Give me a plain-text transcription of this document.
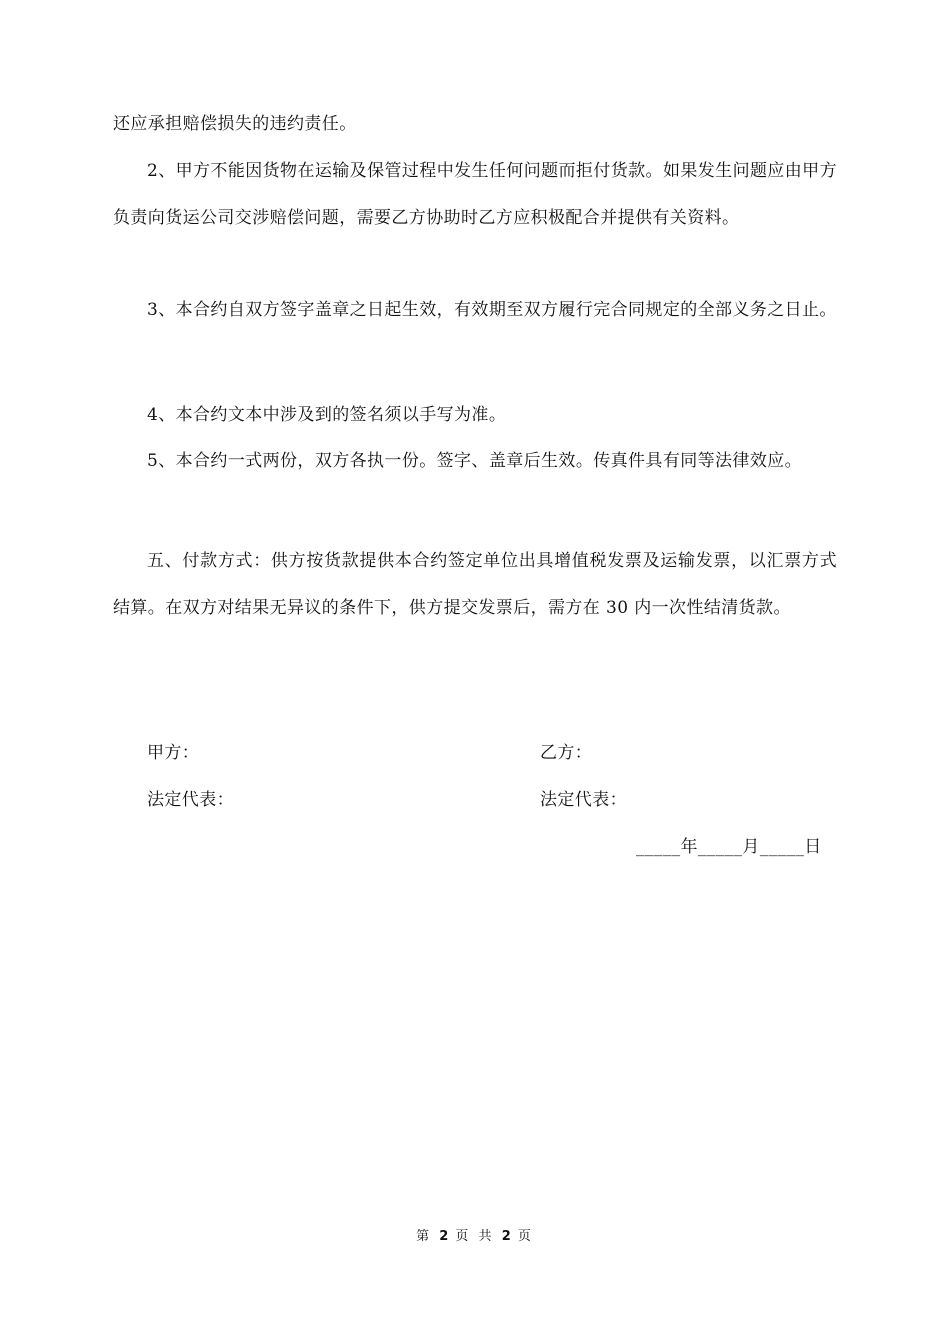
还应承担赔偿损失的违约责任。

2、甲方不能因货物在运输及保管过程中发生任何问题而拒付货款。如果发生问题应由甲方负责向货运公司交涉赔偿问题，需要乙方协助时乙方应积极配合并提供有关资料。

3、本合约自双方签字盖章之日起生效，有效期至双方履行完合同规定的全部义务之日止。

4、本合约文本中涉及到的签名须以手写为准。

5、本合约一式两份，双方各执一份。签字、盖章后生效。传真件具有同等法律效应。

五、付款方式：供方按货款提供本合约签定单位出具增值税发票及运输发票，以汇票方式结算。在双方对结果无异议的条件下，供方提交发票后，需方在 30 内一次性结清货款。

甲方：	乙方：
法定代表：	法定代表：
_____年_____月_____日
第 2 页 共 2 页
